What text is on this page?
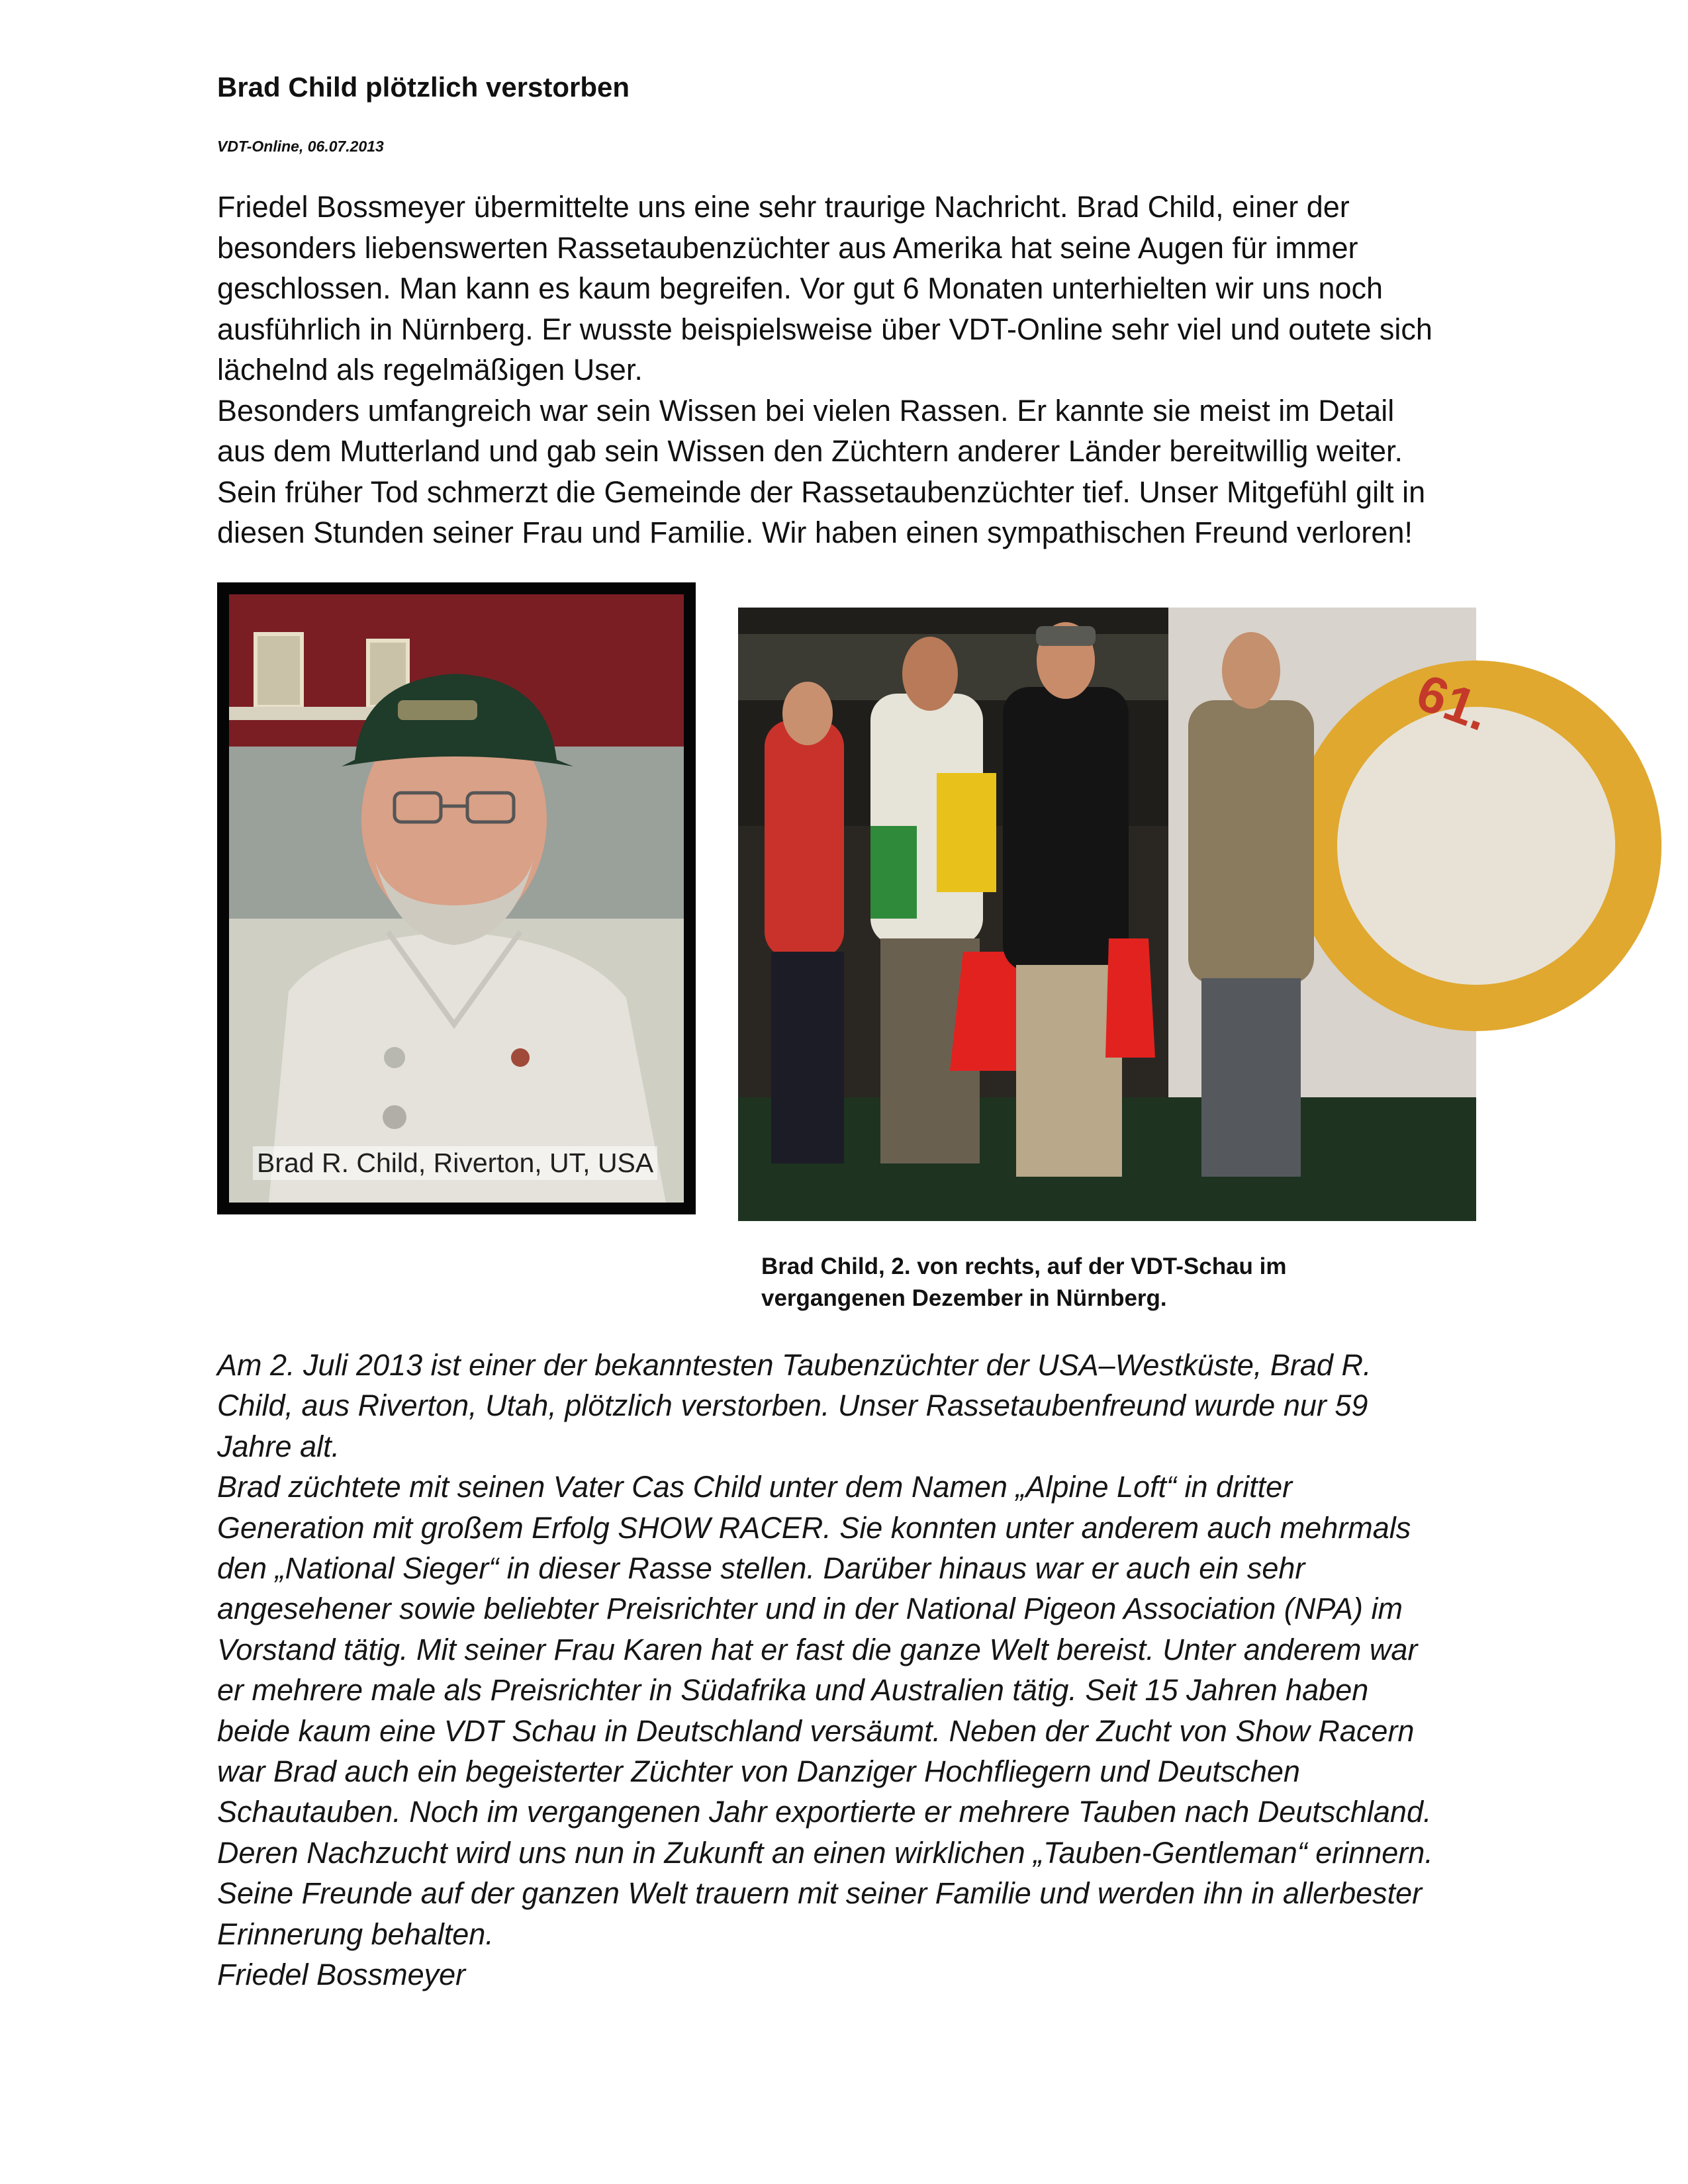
Brad Child plötzlich verstorben
VDT-Online, 06.07.2013

Friedel Bossmeyer übermittelte uns eine sehr traurige Nachricht. Brad Child, einer der

besonders liebenswerten Rassetaubenzüchter aus Amerika hat seine Augen für immer

geschlossen. Man kann es kaum begreifen. Vor gut 6 Monaten unterhielten wir uns noch

ausführlich in Nürnberg. Er wusste beispielsweise über VDT-Online sehr viel und outete sich

lächelnd als regelmäßigen User.

Besonders umfangreich war sein Wissen bei vielen Rassen. Er kannte sie meist im Detail

aus dem Mutterland und gab sein Wissen den Züchtern anderer Länder bereitwillig weiter.

Sein früher Tod schmerzt die Gemeinde der Rassetaubenzüchter tief. Unser Mitgefühl gilt in

diesen Stunden seiner Frau und Familie. Wir haben einen sympathischen Freund verloren!

Brad R. Child, Riverton, UT, USA
61.
Brad Child, 2. von rechts, auf der VDT-Schau im
vergangenen Dezember in Nürnberg.
Am 2. Juli 2013 ist einer der bekanntesten Taubenzüchter der USA–Westküste, Brad R.
Child, aus Riverton, Utah, plötzlich verstorben. Unser Rassetaubenfreund wurde nur 59
Jahre alt.
Brad züchtete mit seinen Vater Cas Child unter dem Namen „Alpine Loft“ in dritter
Generation mit großem Erfolg SHOW RACER. Sie konnten unter anderem auch mehrmals
den „National Sieger“ in dieser Rasse stellen. Darüber hinaus war er auch ein sehr
angesehener sowie beliebter Preisrichter und in der National Pigeon Association (NPA) im
Vorstand tätig. Mit seiner Frau Karen hat er fast die ganze Welt bereist. Unter anderem war
er mehrere male als Preisrichter in Südafrika und Australien tätig. Seit 15 Jahren haben
beide kaum eine VDT Schau in Deutschland versäumt. Neben der Zucht von Show Racern
war Brad auch ein begeisterter Züchter von Danziger Hochfliegern und Deutschen
Schautauben. Noch im vergangenen Jahr exportierte er mehrere Tauben nach Deutschland.
Deren Nachzucht wird uns nun in Zukunft an einen wirklichen „Tauben-Gentleman“ erinnern.
Seine Freunde auf der ganzen Welt trauern mit seiner Familie und werden ihn in allerbester
Erinnerung behalten.
Friedel Bossmeyer
